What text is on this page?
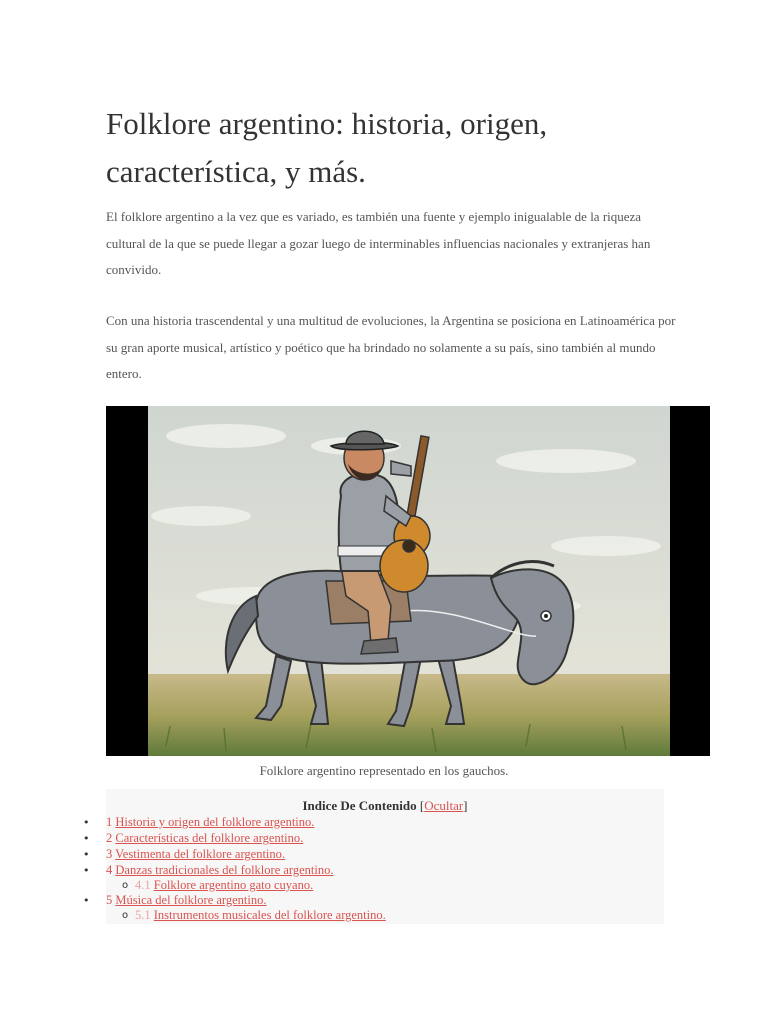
Folklore argentino: historia, origen, característica, y más.

El folklore argentino a la vez que es variado, es también una fuente y ejemplo inigualable de la riqueza cultural de la que se puede llegar a gozar luego de interminables influencias nacionales y extranjeras han convivido.

Con una historia trascendental y una multitud de evoluciones, la Argentina se posiciona en Latinoamérica por su gran aporte musical, artístico y poético que ha brindado no solamente a su país, sino también al mundo entero.

Folklore argentino representado en los gauchos.
Indice De Contenido [Ocultar]
• 1 Historia y origen del folklore argentino.
• 2 Características del folklore argentino.
• 3 Vestimenta del folklore argentino.
• 4 Danzas tradicionales del folklore argentino.
o 4.1 Folklore argentino gato cuyano.
• 5 Música del folklore argentino.
o 5.1 Instrumentos musicales del folklore argentino.
